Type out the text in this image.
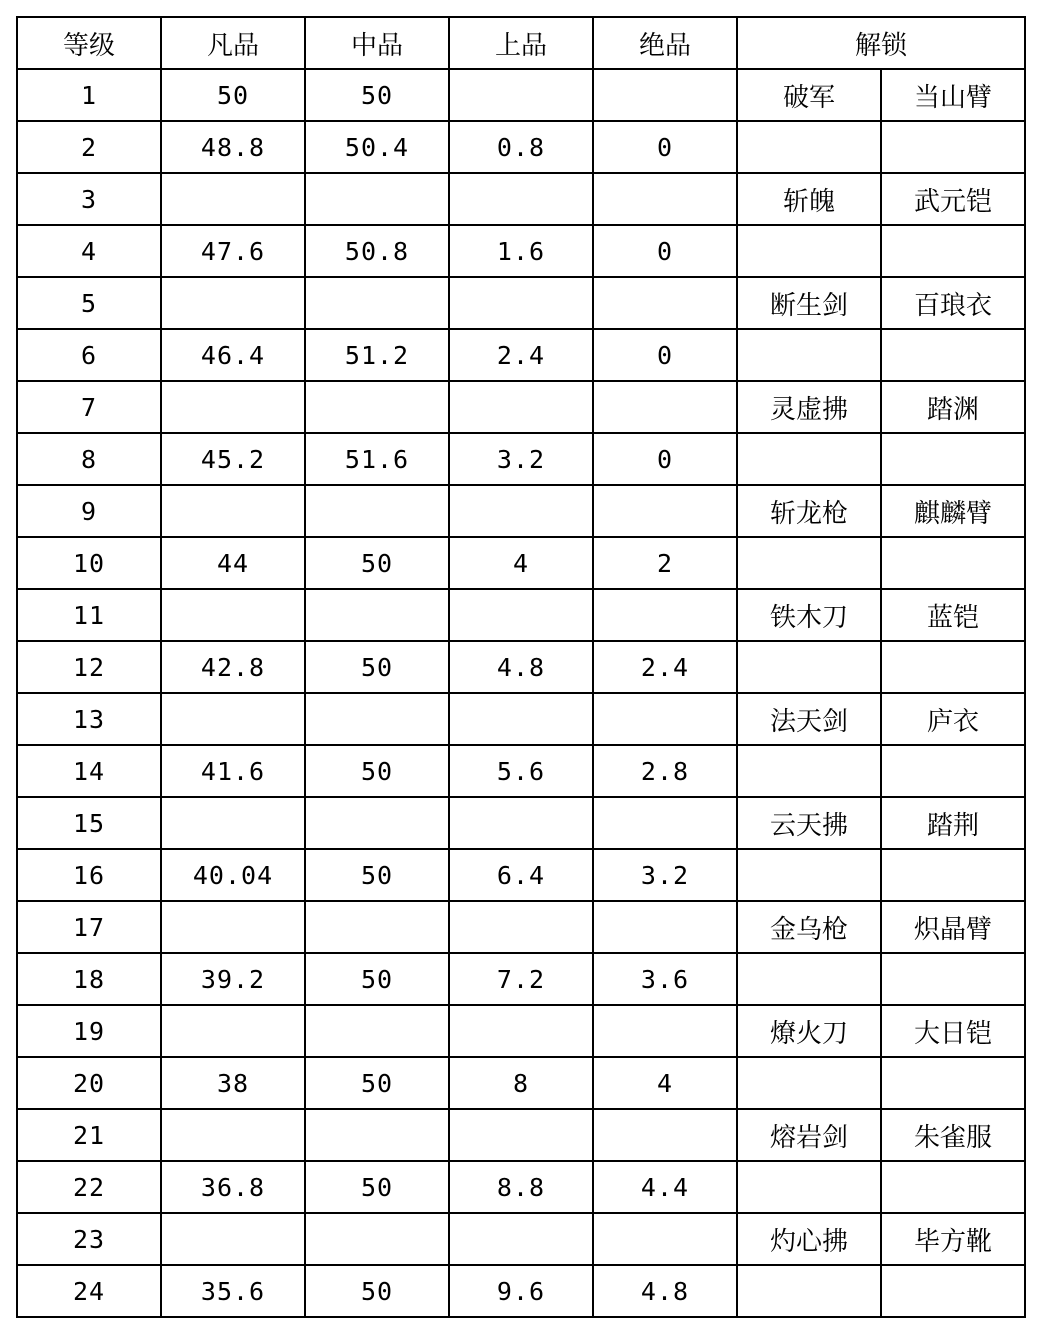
等级	凡品	中品	上品	绝品	解锁	
1	50	50			破军	当山臂
2	48.8	50.4	0.8	0		
3					斩魄	武元铠
4	47.6	50.8	1.6	0		
5					断生剑	百琅衣
6	46.4	51.2	2.4	0		
7					灵虚拂	踏渊
8	45.2	51.6	3.2	0		
9					斩龙枪	麒麟臂
10	44	50	4	2		
11					铁木刀	蓝铠
12	42.8	50	4.8	2.4		
13					法天剑	庐衣
14	41.6	50	5.6	2.8		
15					云天拂	踏荆
16	40.04	50	6.4	3.2		
17					金乌枪	炽晶臂
18	39.2	50	7.2	3.6		
19					燎火刀	大日铠
20	38	50	8	4		
21					熔岩剑	朱雀服
22	36.8	50	8.8	4.4		
23					灼心拂	毕方靴
24	35.6	50	9.6	4.8		
